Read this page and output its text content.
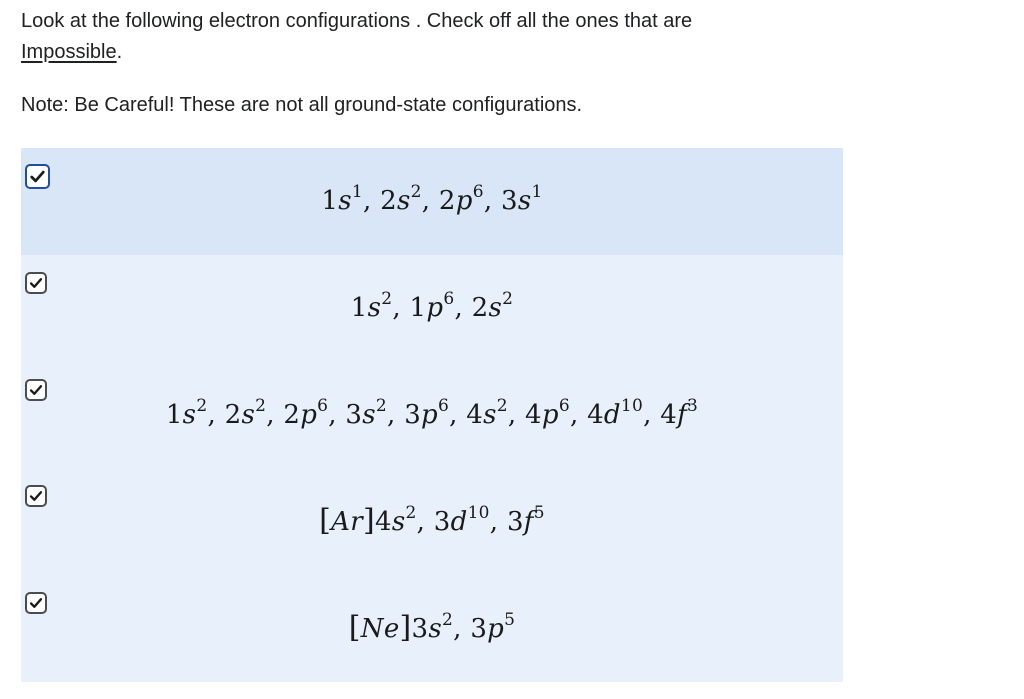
Look at the following electron configurations . Check off all the ones that are
Impossible.

Note: Be Careful! These are not all ground-state configurations.

$1s^1$, $2s^2$, $2p^6$, $3s^1$
$1s^2$, $1p^6$, $2s^2$
$1s^2$, $2s^2$, $2p^6$, $3s^2$, $3p^6$, $4s^2$, $4p^6$, $4d^{10}$, $4f^3$
$[Ar]4s^2$, $3d^{10}$, $3f^5$
$[Ne]3s^2$, $3p^5$
